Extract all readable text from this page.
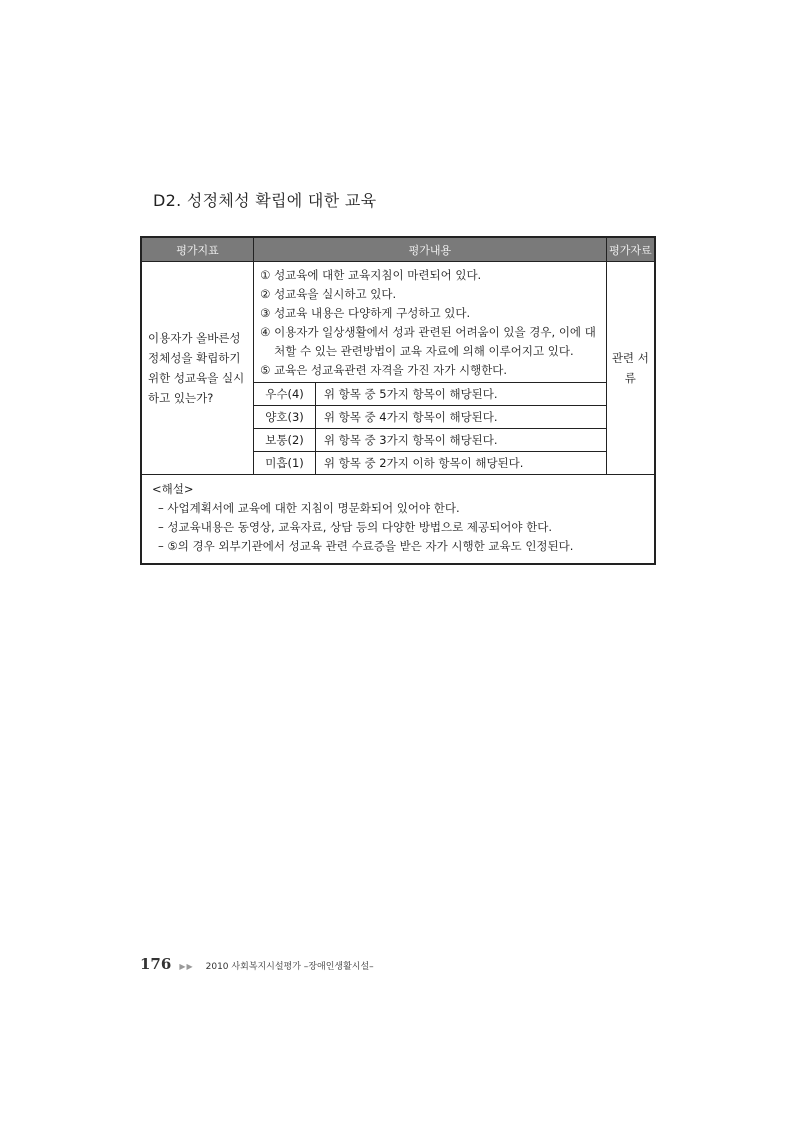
D2. 성정체성 확립에 대한 교육
평가지표	평가내용		평가자료
이용자가 올바른성 정체성을 확립하기 위한 성교육을 실시하고 있는가?	① 성교육에 대한 교육지침이 마련되어 있다.
② 성교육을 실시하고 있다.
③ 성교육 내용은 다양하게 구성하고 있다.
④ 이용자가 일상생활에서 성과 관련된 어려움이 있을 경우, 이에 대처할 수 있는 관련방법이 교육 자료에 의해 이루어지고 있다.
⑤ 교육은 성교육관련 자격을 가진 자가 시행한다.		관련 서류
	우수(4)	위 항목 중 5가지 항목이 해당된다.	
	양호(3)	위 항목 중 4가지 항목이 해당된다.	
	보통(2)	위 항목 중 3가지 항목이 해당된다.	
	미흡(1)	위 항목 중 2가지 이하 항목이 해당된다.	

<해설>
– 사업계획서에 교육에 대한 지침이 명문화되어 있어야 한다.
– 성교육내용은 동영상, 교육자료, 상담 등의 다양한 방법으로 제공되어야 한다.
– ⑤의 경우 외부기관에서 성교육 관련 수료증을 받은 자가 시행한 교육도 인정된다.			
176 ▶▶ 2010 사회복지시설평가 –장애인생활시설–
